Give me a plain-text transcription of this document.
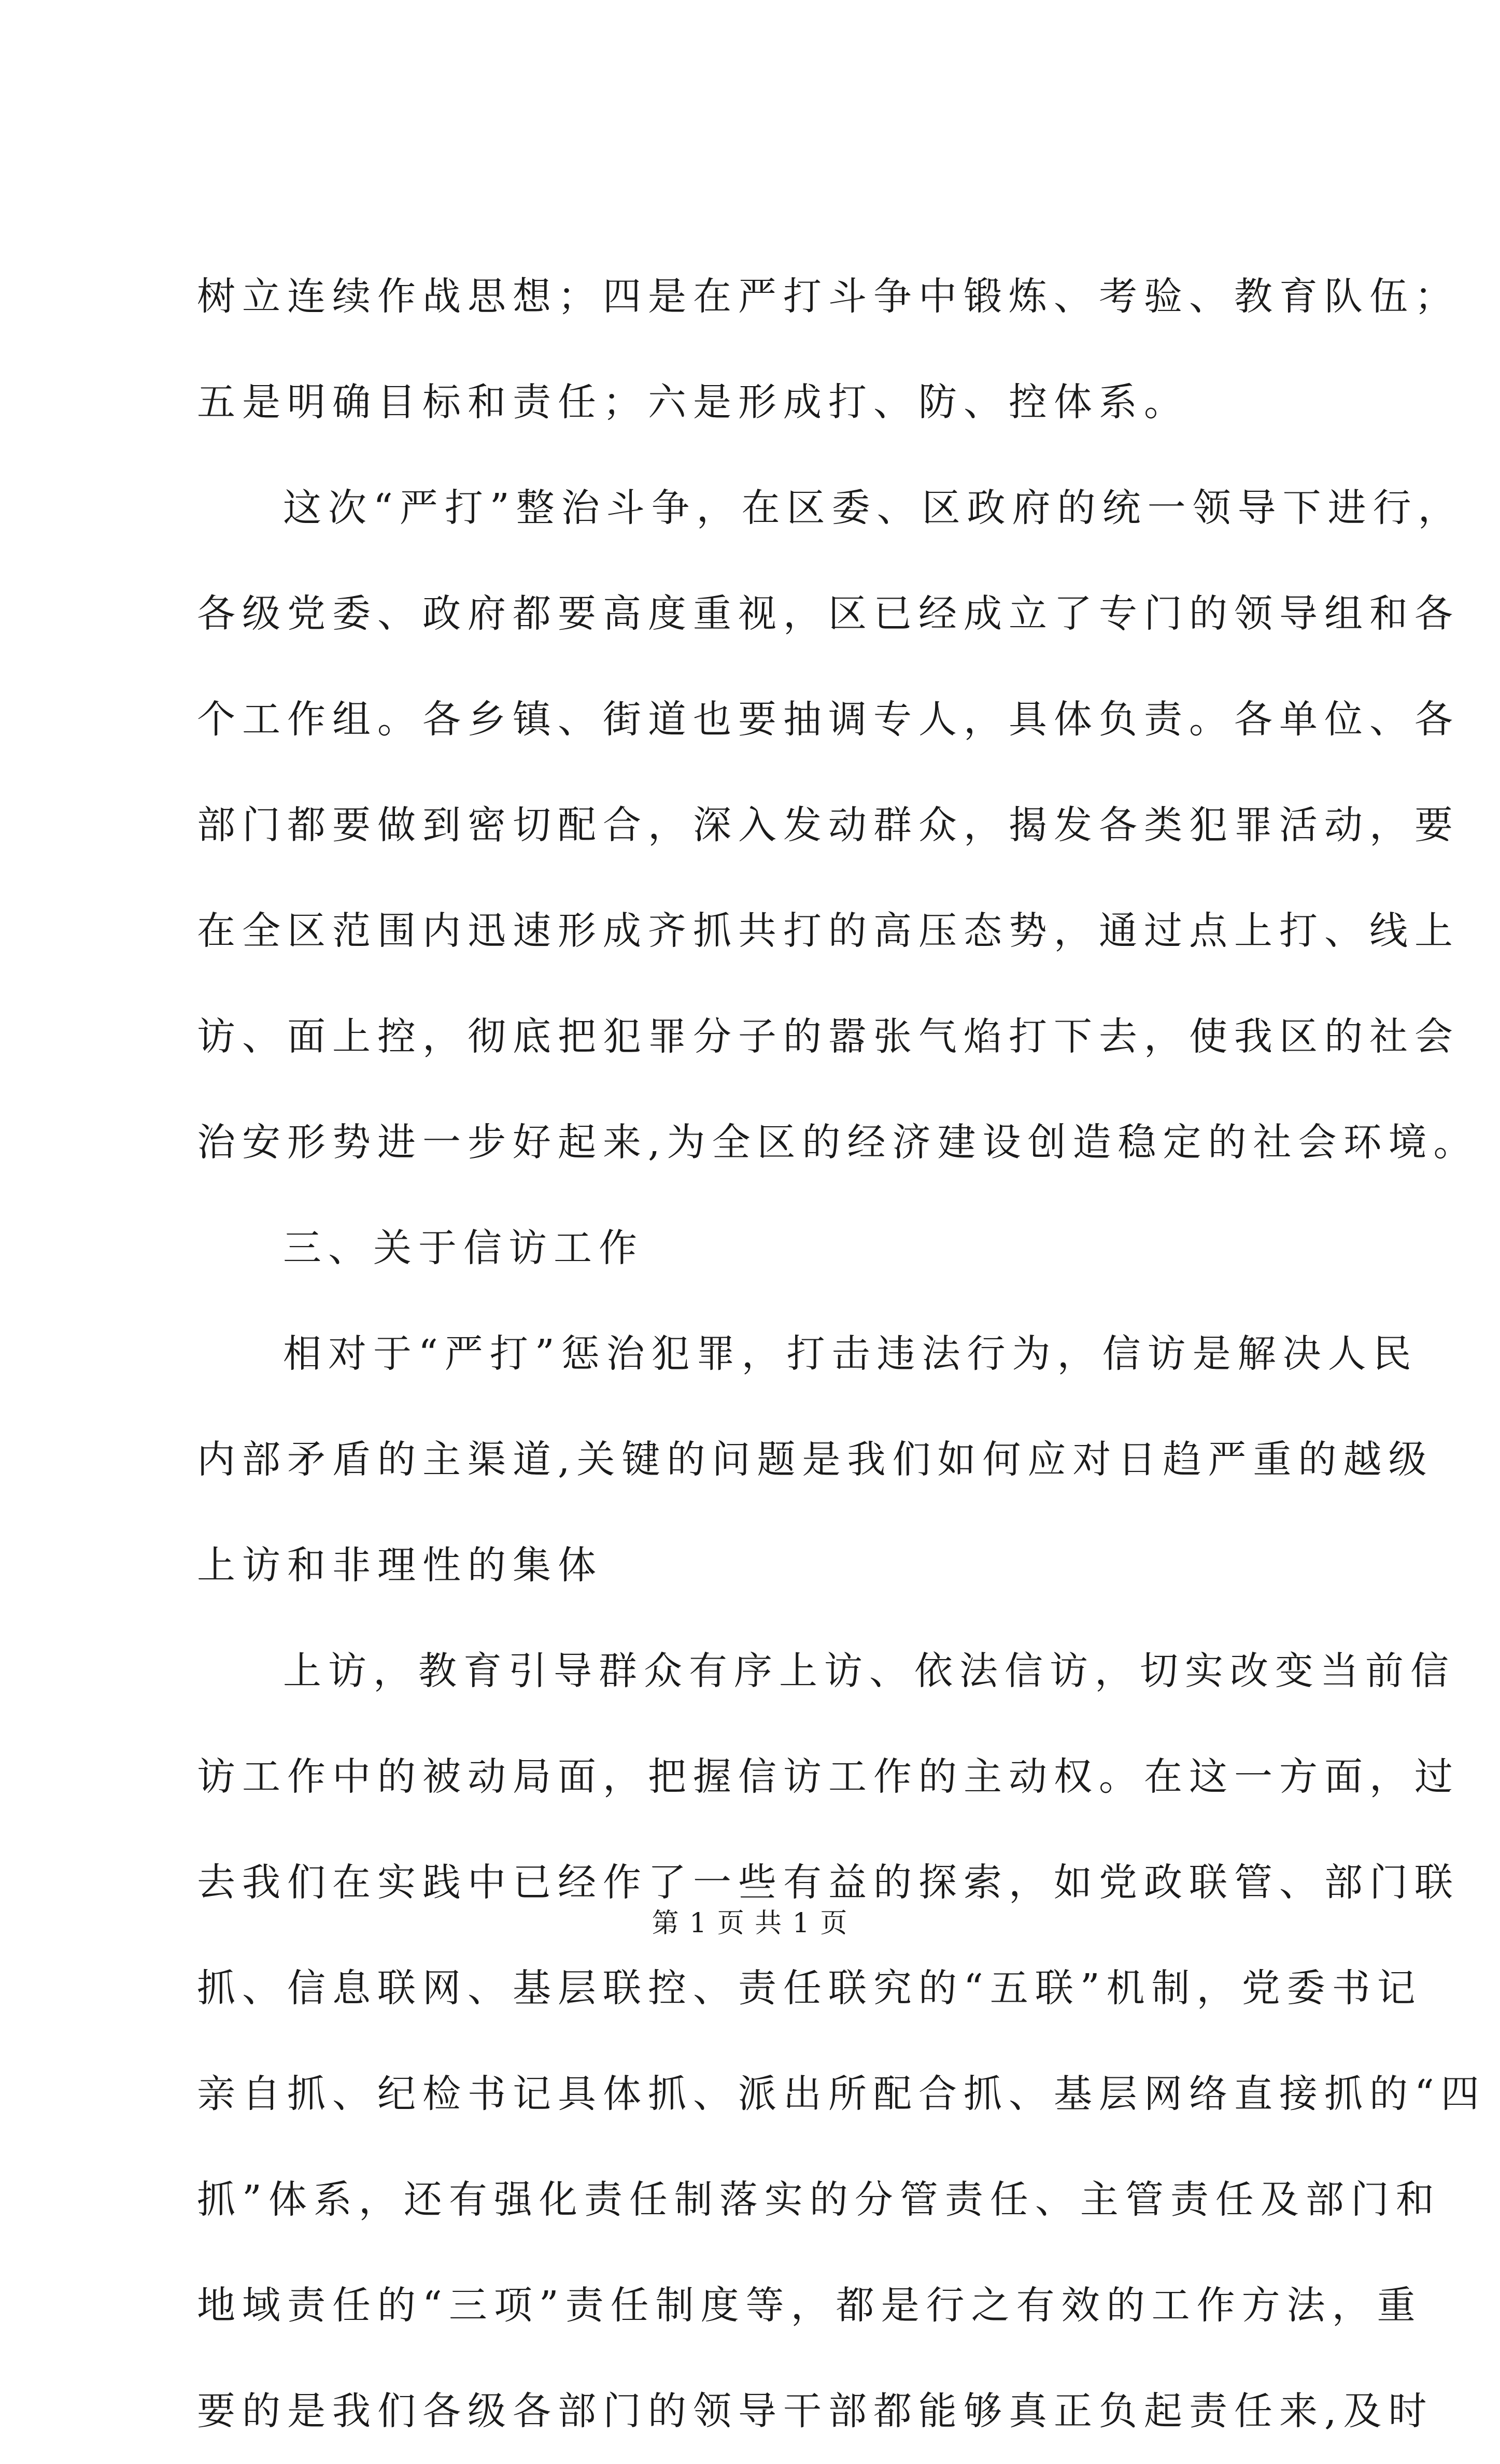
树立连续作战思想；四是在严打斗争中锻炼、考验、教育队伍；
五是明确目标和责任；六是形成打、防、控体系。
这次“严打”整治斗争，在区委、区政府的统一领导下进行，
各级党委、政府都要高度重视，区已经成立了专门的领导组和各
个工作组。各乡镇、街道也要抽调专人，具体负责。各单位、各
部门都要做到密切配合，深入发动群众，揭发各类犯罪活动，要
在全区范围内迅速形成齐抓共打的高压态势，通过点上打、线上
访、面上控，彻底把犯罪分子的嚣张气焰打下去，使我区的社会
治安形势进一步好起来,为全区的经济建设创造稳定的社会环境。
三、关于信访工作
相对于“严打”惩治犯罪，打击违法行为，信访是解决人民
内部矛盾的主渠道,关键的问题是我们如何应对日趋严重的越级
上访和非理性的集体
上访，教育引导群众有序上访、依法信访，切实改变当前信
访工作中的被动局面，把握信访工作的主动权。在这一方面，过
去我们在实践中已经作了一些有益的探索，如党政联管、部门联
抓、信息联网、基层联控、责任联究的“五联”机制，党委书记
亲自抓、纪检书记具体抓、派出所配合抓、基层网络直接抓的“四
抓”体系，还有强化责任制落实的分管责任、主管责任及部门和
地域责任的“三项”责任制度等，都是行之有效的工作方法，重
要的是我们各级各部门的领导干部都能够真正负起责任来,及时
第 1 页 共 1 页
